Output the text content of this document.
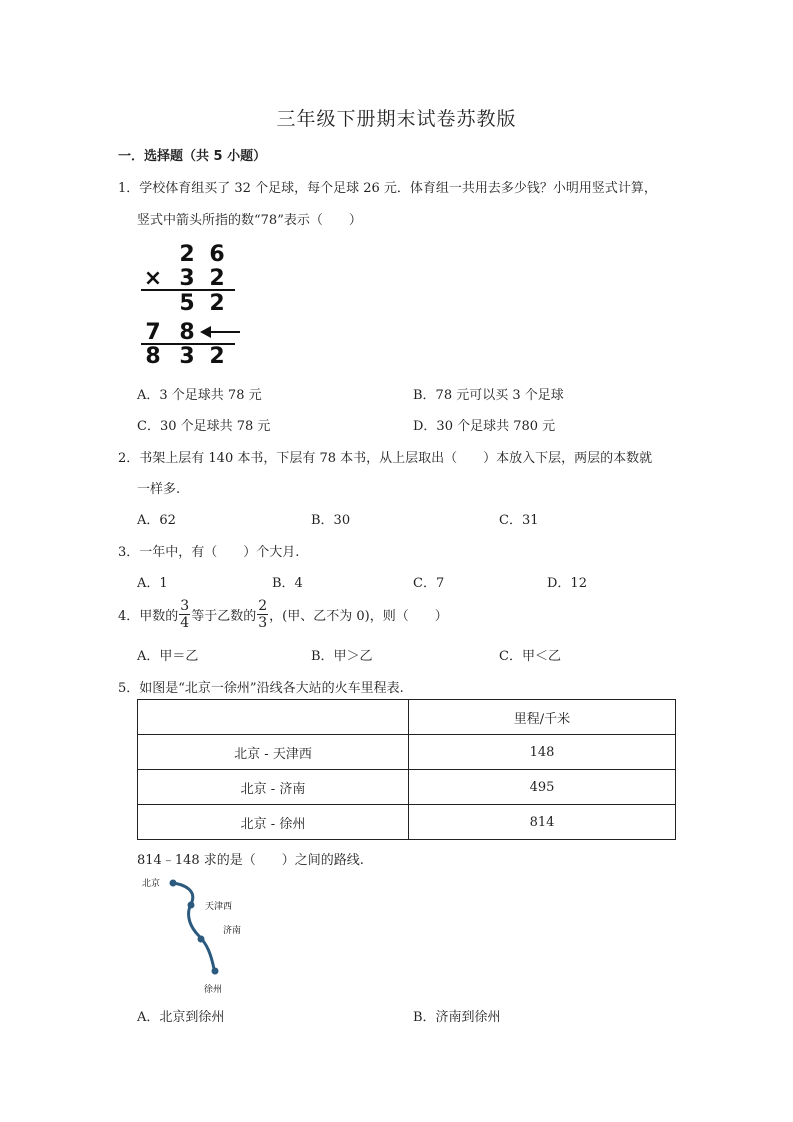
三年级下册期末试卷苏教版
一．选择题（共 5 小题）
1．学校体育组买了 32 个足球，每个足球 26 元．体育组一共用去多少钱？小明用竖式计算，
竖式中箭头所指的数“78”表示（　　）
2 6
× 3 2
5 2
7 8
8 3 2
A．3 个足球共 78 元	B．78 元可以买 3 个足球
C．30 个足球共 78 元	D．30 个足球共 780 元
2．书架上层有 140 本书，下层有 78 本书，从上层取出（　　）本放入下层，两层的本数就
一样多.
A．62	B．30	C．31
3．一年中，有（　　）个大月.
A．1	B．4	C．7	D．12
4．甲数的 $\frac{3}{4}$ 等于乙数的 $\frac{2}{3}$ ，(甲、乙不为 0)，则（　　）
A．甲＝乙	B．甲＞乙	C．甲＜乙
5．如图是“北京一徐州”沿线各大站的火车里程表.
	里程/千米
北京 - 天津西	148
北京 - 济南	495
北京 - 徐州	814
814﹣148 求的是（　　）之间的路线.
北京
天津西
济南
徐州
A．北京到徐州	B．济南到徐州
